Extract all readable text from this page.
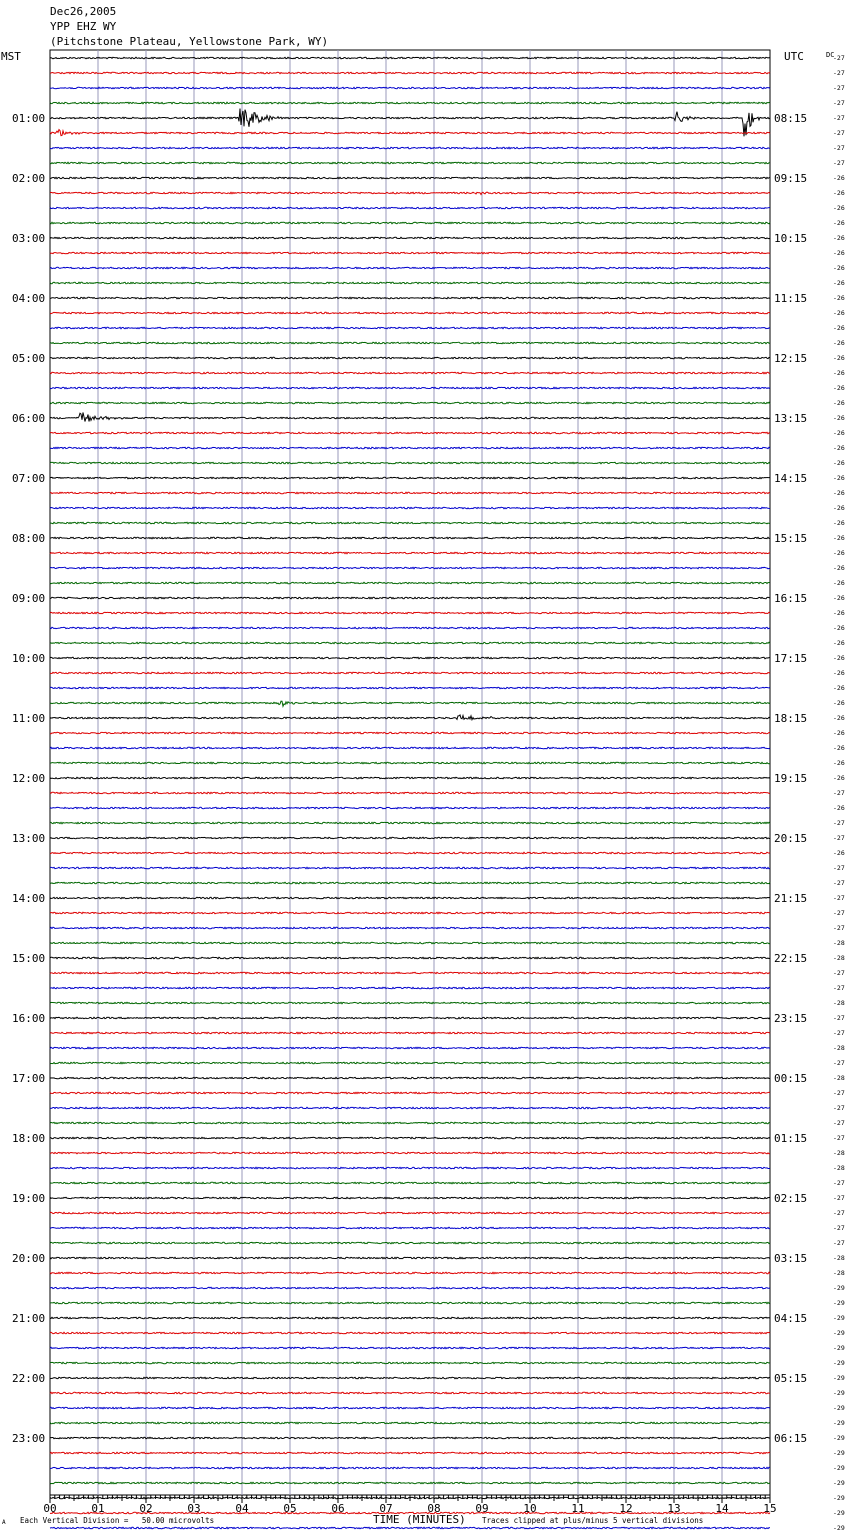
Dec26,2005
YPP EHZ WY
(Pitchstone Plateau, Yellowstone Park, WY)
MST	UTC	DC
01:00
02:00
03:00
04:00
05:00
06:00
07:00
08:00
09:00
10:00
11:00
12:00
13:00
14:00
15:00
16:00
17:00
18:00
19:00
20:00
21:00
22:00
23:00
08:15
09:15
10:15
11:15
12:15
13:15
14:15
15:15
16:15
17:15
18:15
19:15
20:15
21:15
22:15
23:15
00:15
01:15
02:15
03:15
04:15
05:15
06:15
-27
-27
-27
-27
-27
-27
-27
-27
-26
-26
-26
-26
-26
-26
-26
-26
-26
-26
-26
-26
-26
-26
-26
-26
-26
-26
-26
-26
-26
-26
-26
-26
-26
-26
-26
-26
-26
-26
-26
-26
-26
-26
-26
-26
-26
-26
-26
-26
-26
-27
-26
-27
-27
-26
-27
-27
-27
-27
-27
-28
-28
-27
-27
-28
-27
-27
-28
-27
-28
-27
-27
-27
-27
-28
-28
-27
-27
-27
-27
-27
-28
-28
-29
-29
-29
-29
-29
-29
-29
-29
-29
-29
-29
-29
-29
-29
-29
-29
-29
00	01	02	03	04	05	06	07	08	09	10	11	12	13	14	15
TIME (MINUTES)
A Each Vertical Division =   50.00 microvolts	Traces clipped at plus/minus 5 vertical divisions
